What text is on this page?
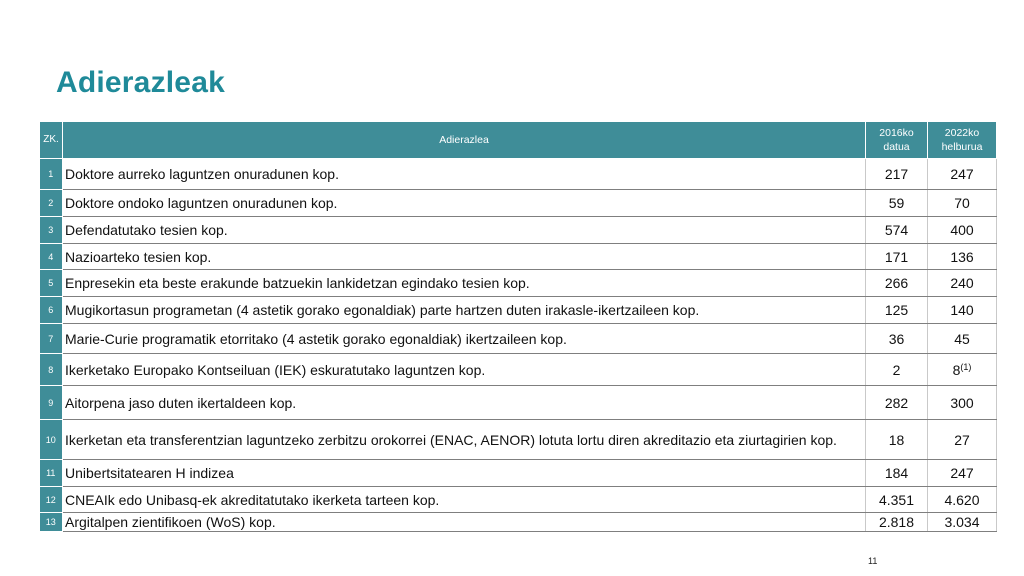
Adierazleak
ZK.	Adierazlea	2016ko datua	2022ko helburua
1	Doktore aurreko laguntzen onuradunen kop.	217	247
2	Doktore ondoko laguntzen onuradunen kop.	59	70
3	Defendatutako tesien kop.	574	400
4	Nazioarteko tesien kop.	171	136
5	Enpresekin eta beste erakunde batzuekin lankidetzan egindako tesien kop.	266	240
6	Mugikortasun programetan (4 astetik gorako egonaldiak) parte hartzen duten irakasle-ikertzaileen kop.	125	140
7	Marie-Curie programatik etorritako (4 astetik gorako egonaldiak) ikertzaileen kop.	36	45
8	Ikerketako Europako Kontseiluan (IEK) eskuratutako laguntzen kop.	2	8$^{(1)}$
9	Aitorpena jaso duten ikertaldeen kop.	282	300
10	Ikerketan eta transferentzian laguntzeko zerbitzu orokorrei (ENAC, AENOR) lotuta lortu diren akreditazio eta ziurtagirien kop.	18	27
11	Unibertsitatearen H indizea	184	247
12	CNEAIk edo Unibasq-ek akreditatutako ikerketa tarteen kop.	4.351	4.620
13	Argitalpen zientifikoen (WoS) kop.	2.818	3.034
11
